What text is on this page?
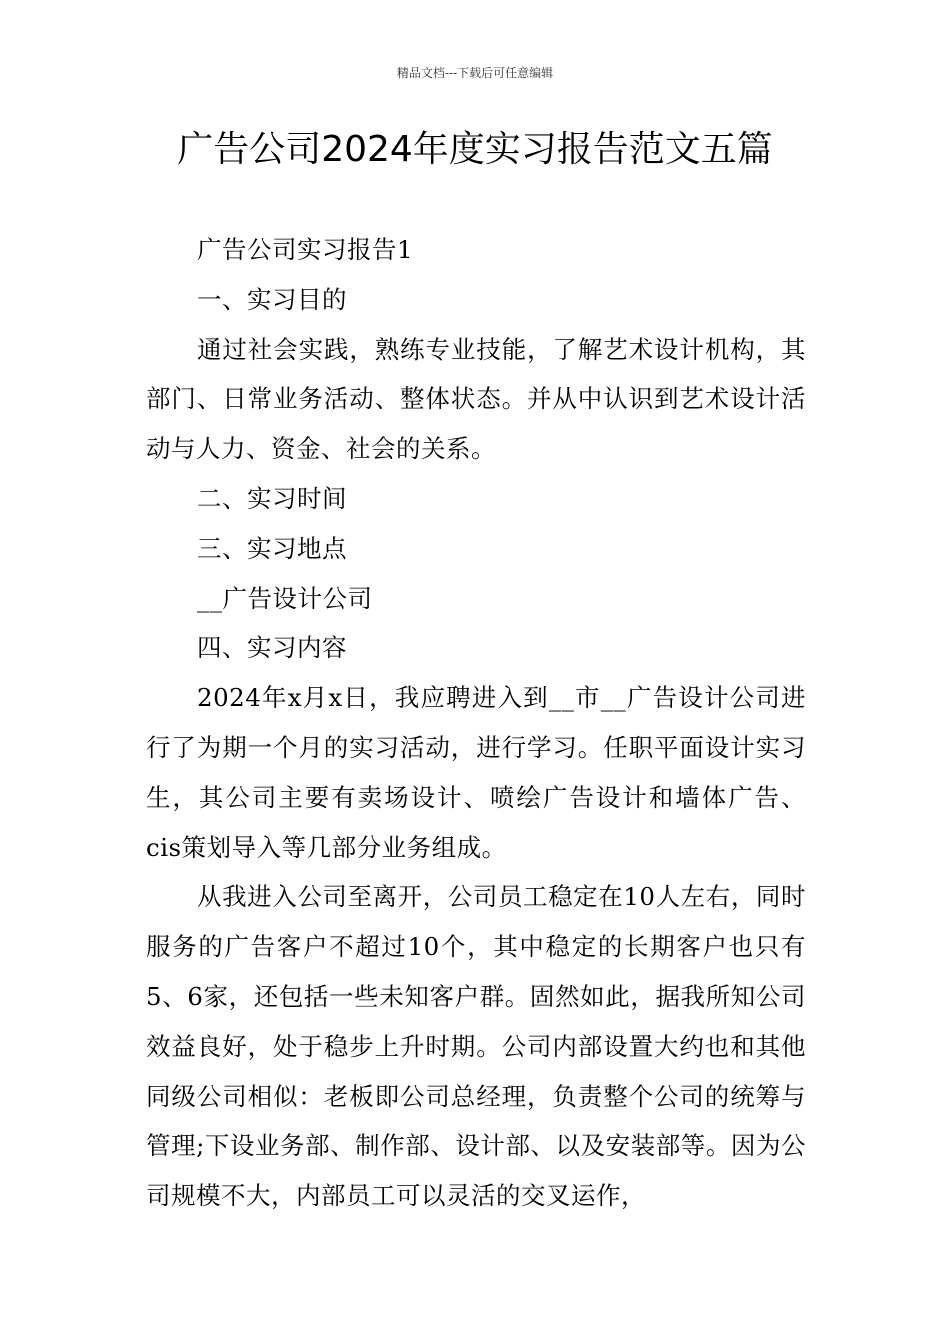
精品文档---下载后可任意编辑
广告公司2024年度实习报告范文五篇

广告公司实习报告1

一、实习目的

通过社会实践，熟练专业技能，了解艺术设计机构，其部门、日常业务活动、整体状态。并从中认识到艺术设计活动与人力、资金、社会的关系。

二、实习时间

三、实习地点

__广告设计公司

四、实习内容

2024年x月x日，我应聘进入到__市__广告设计公司进行了为期一个月的实习活动，进行学习。任职平面设计实习生，其公司主要有卖场设计、喷绘广告设计和墙体广告、cis策划导入等几部分业务组成。

从我进入公司至离开，公司员工稳定在10人左右，同时服务的广告客户不超过10个，其中稳定的长期客户也只有5、6家，还包括一些未知客户群。固然如此，据我所知公司效益良好，处于稳步上升时期。公司内部设置大约也和其他同级公司相似：老板即公司总经理，负责整个公司的统筹与管理;下设业务部、制作部、设计部、以及安装部等。因为公司规模不大，内部员工可以灵活的交叉运作，
